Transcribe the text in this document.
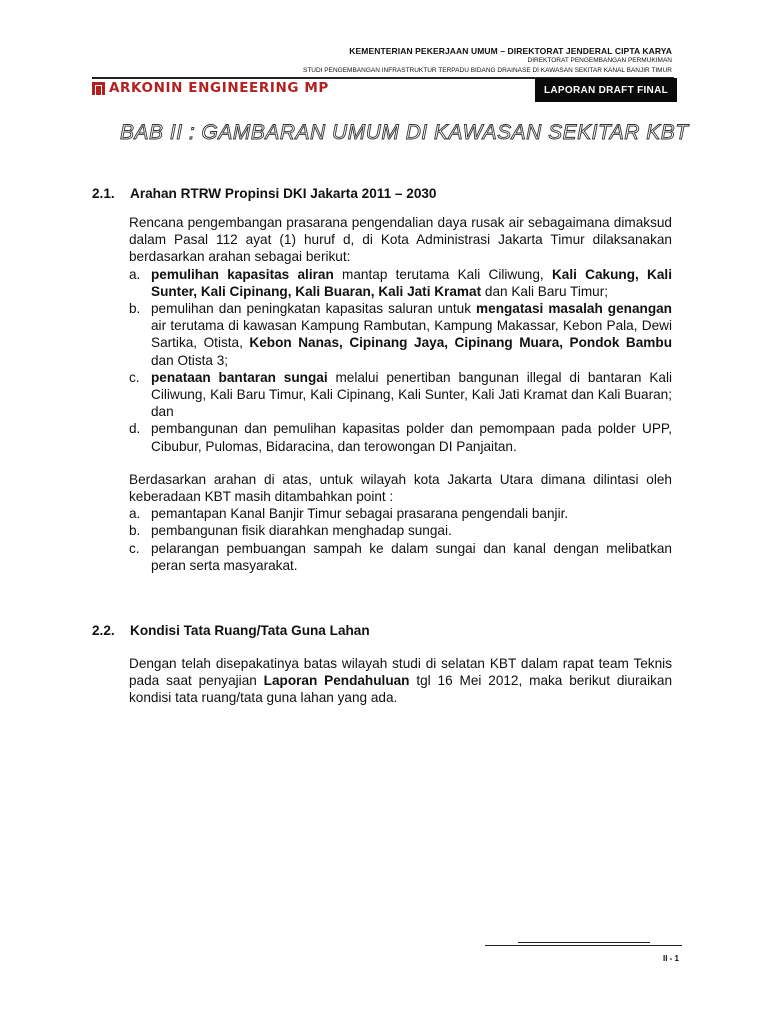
KEMENTERIAN PEKERJAAN UMUM – DIREKTORAT JENDERAL CIPTA KARYA
DIREKTORAT PENGEMBANGAN PERMUKIMAN
STUDI PENGEMBANGAN INFRASTRUKTUR TERPADU BIDANG DRAINASE DI KAWASAN SEKITAR KANAL BANJIR TIMUR
ARKONIN ENGINEERING MP	LAPORAN DRAFT FINAL
BAB II : GAMBARAN UMUM DI KAWASAN SEKITAR KBT
2.1. Arahan RTRW Propinsi DKI Jakarta 2011 – 2030

Rencana pengembangan prasarana pengendalian daya rusak air sebagaimana dimaksud dalam Pasal 112 ayat (1) huruf d, di Kota Administrasi Jakarta Timur dilaksanakan berdasarkan arahan sebagai berikut:

a. pemulihan kapasitas aliran mantap terutama Kali Ciliwung, Kali Cakung, Kali Sunter, Kali Cipinang, Kali Buaran, Kali Jati Kramat dan Kali Baru Timur;
b. pemulihan dan peningkatan kapasitas saluran untuk mengatasi masalah genangan air terutama di kawasan Kampung Rambutan, Kampung Makassar, Kebon Pala, Dewi Sartika, Otista, Kebon Nanas, Cipinang Jaya, Cipinang Muara, Pondok Bambu dan Otista 3;
c. penataan bantaran sungai melalui penertiban bangunan illegal di bantaran Kali Ciliwung, Kali Baru Timur, Kali Cipinang, Kali Sunter, Kali Jati Kramat dan Kali Buaran; dan
d. pembangunan dan pemulihan kapasitas polder dan pemompaan pada polder UPP, Cibubur, Pulomas, Bidaracina, dan terowongan DI Panjaitan.

Berdasarkan arahan di atas, untuk wilayah kota Jakarta Utara dimana dilintasi oleh keberadaan KBT masih ditambahkan point :

a. pemantapan Kanal Banjir Timur sebagai prasarana pengendali banjir.
b. pembangunan fisik diarahkan menghadap sungai.
c. pelarangan pembuangan sampah ke dalam sungai dan kanal dengan melibatkan peran serta masyarakat.
2.2. Kondisi Tata Ruang/Tata Guna Lahan

Dengan telah disepakatinya batas wilayah studi di selatan KBT dalam rapat team Teknis pada saat penyajian Laporan Pendahuluan tgl 16 Mei 2012, maka berikut diuraikan kondisi tata ruang/tata guna lahan yang ada.

II - 1
